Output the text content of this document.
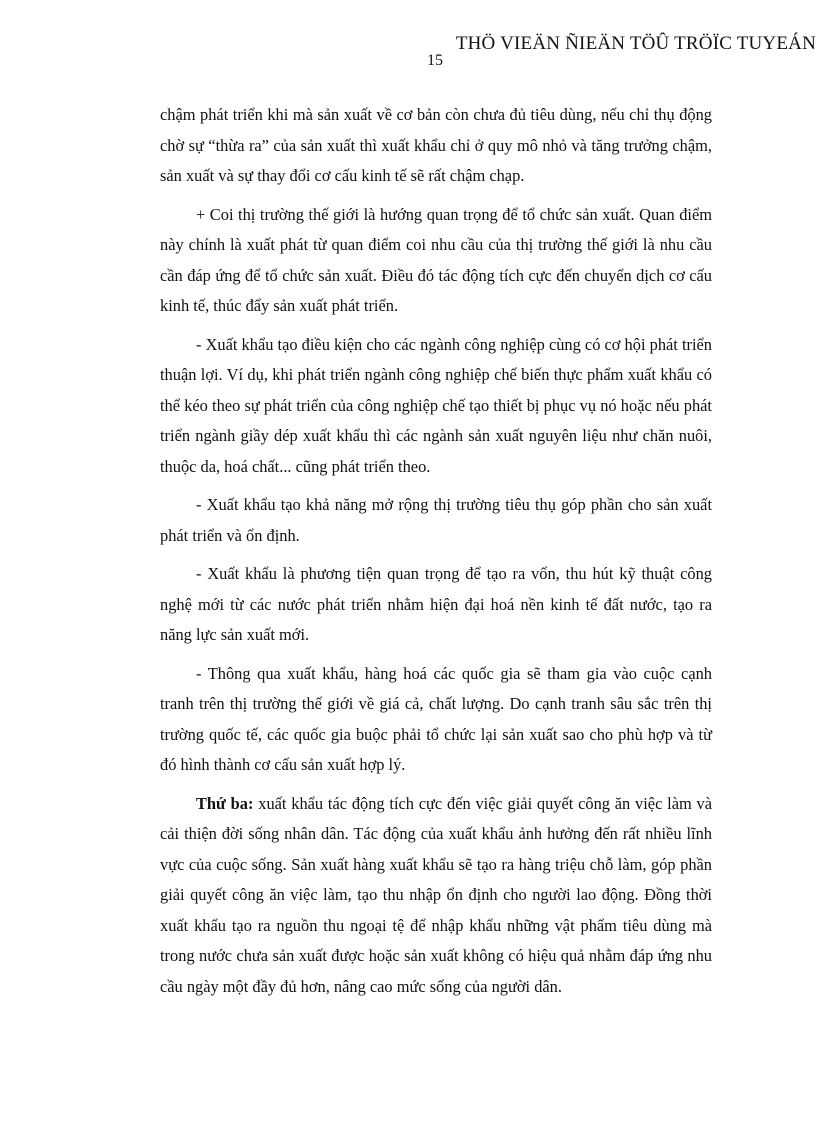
THÖ VIEÄN ÑIEÄN TÖÛ TRÖÏC TUYEÁN
15

chậm phát triển khi mà sản xuất về cơ bản còn chưa đủ tiêu dùng, nếu chỉ thụ động chờ sự “thừa ra” của sản xuất thì xuất khẩu chỉ ở quy mô nhỏ và tăng trưởng chậm, sản xuất và sự thay đổi cơ cấu kinh tế sẽ rất chậm chạp.

+ Coi thị trường thế giới là hướng quan trọng để tổ chức sản xuất. Quan điểm này chính là xuất phát từ quan điểm coi nhu cầu của thị trường thế giới là nhu cầu cần đáp ứng để tổ chức sản xuất. Điều đó tác động tích cực đến chuyển dịch cơ cấu kinh tế, thúc đẩy sản xuất phát triển.

- Xuất khẩu tạo điều kiện cho các ngành công nghiệp cùng có cơ hội phát triển thuận lợi. Ví dụ, khi phát triển ngành công nghiệp chế biến thực phẩm xuất khẩu có thể kéo theo sự phát triển của công nghiệp chế tạo thiết bị phục vụ nó hoặc nếu phát triển ngành giầy dép xuất khẩu thì các ngành sản xuất nguyên liệu như chăn nuôi, thuộc da, hoá chất... cũng phát triển theo.

- Xuất khẩu tạo khả năng mở rộng thị trường tiêu thụ góp phần cho sản xuất phát triển và ổn định.

- Xuất khẩu là phương tiện quan trọng để tạo ra vốn, thu hút kỹ thuật công nghệ mới từ các nước phát triển nhằm hiện đại hoá nền kinh tế đất nước, tạo ra năng lực sản xuất mới.

- Thông qua xuất khẩu, hàng hoá các quốc gia sẽ tham gia vào cuộc cạnh tranh trên thị trường thế giới về giá cả, chất lượng. Do cạnh tranh sâu sắc trên thị trường quốc tế, các quốc gia buộc phải tổ chức lại sản xuất sao cho phù hợp và từ đó hình thành cơ cấu sản xuất hợp lý.

Thứ ba: xuất khẩu tác động tích cực đến việc giải quyết công ăn việc làm và cải thiện đời sống nhân dân. Tác động của xuất khẩu ảnh hưởng đến rất nhiều lĩnh vực của cuộc sống. Sản xuất hàng xuất khẩu sẽ tạo ra hàng triệu chỗ làm, góp phần giải quyết công ăn việc làm, tạo thu nhập ổn định cho người lao động. Đồng thời xuất khẩu tạo ra nguồn thu ngoại tệ để nhập khẩu những vật phẩm tiêu dùng mà trong nước chưa sản xuất được hoặc sản xuất không có hiệu quả nhằm đáp ứng nhu cầu ngày một đầy đủ hơn, nâng cao mức sống của người dân.
